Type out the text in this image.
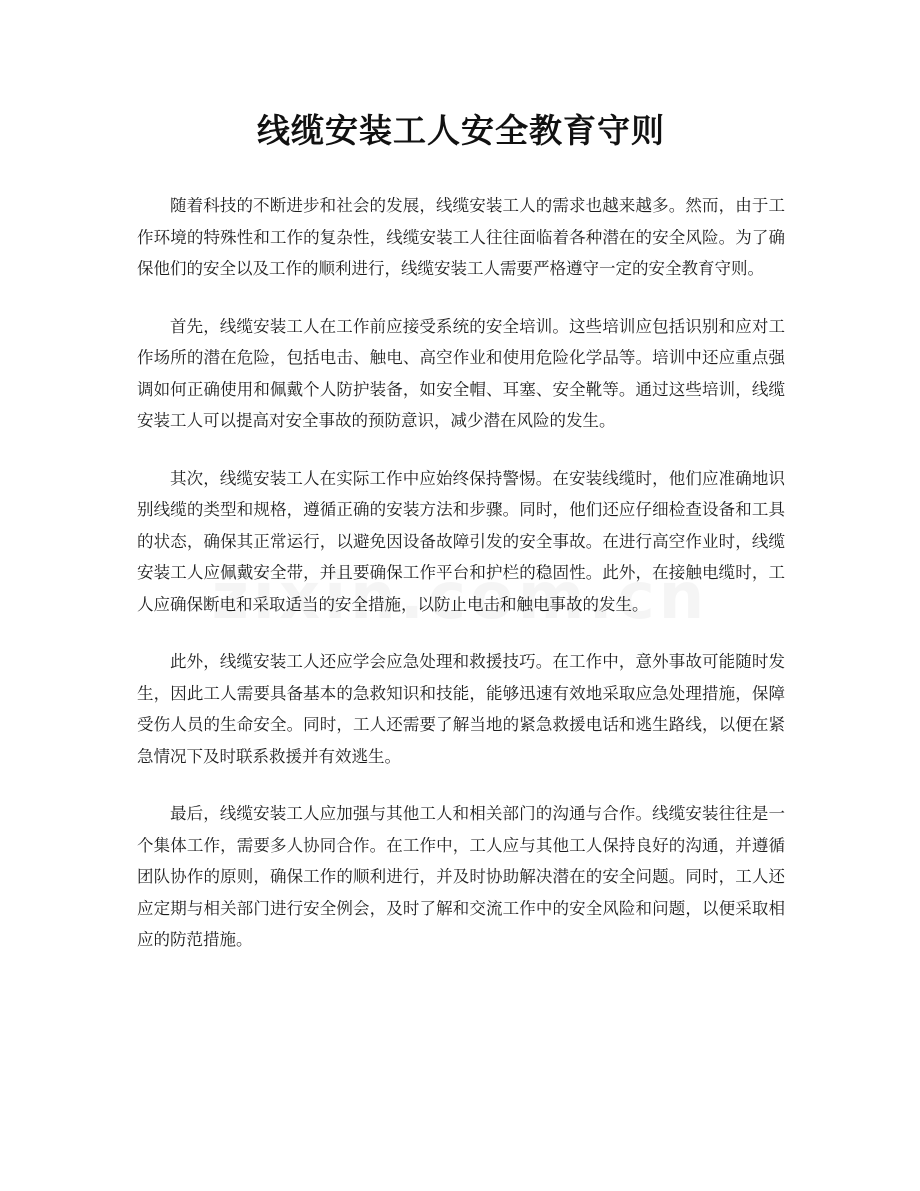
线缆安装工人安全教育守则

随着科技的不断进步和社会的发展，线缆安装工人的需求也越来越多。然而，由于工作环境的特殊性和工作的复杂性，线缆安装工人往往面临着各种潜在的安全风险。为了确保他们的安全以及工作的顺利进行，线缆安装工人需要严格遵守一定的安全教育守则。

首先，线缆安装工人在工作前应接受系统的安全培训。这些培训应包括识别和应对工作场所的潜在危险，包括电击、触电、高空作业和使用危险化学品等。培训中还应重点强调如何正确使用和佩戴个人防护装备，如安全帽、耳塞、安全靴等。通过这些培训，线缆安装工人可以提高对安全事故的预防意识，减少潜在风险的发生。

其次，线缆安装工人在实际工作中应始终保持警惕。在安装线缆时，他们应准确地识别线缆的类型和规格，遵循正确的安装方法和步骤。同时，他们还应仔细检查设备和工具的状态，确保其正常运行，以避免因设备故障引发的安全事故。在进行高空作业时，线缆安装工人应佩戴安全带，并且要确保工作平台和护栏的稳固性。此外，在接触电缆时，工人应确保断电和采取适当的安全措施，以防止电击和触电事故的发生。

此外，线缆安装工人还应学会应急处理和救援技巧。在工作中，意外事故可能随时发生，因此工人需要具备基本的急救知识和技能，能够迅速有效地采取应急处理措施，保障受伤人员的生命安全。同时，工人还需要了解当地的紧急救援电话和逃生路线，以便在紧急情况下及时联系救援并有效逃生。

最后，线缆安装工人应加强与其他工人和相关部门的沟通与合作。线缆安装往往是一个集体工作，需要多人协同合作。在工作中，工人应与其他工人保持良好的沟通，并遵循团队协作的原则，确保工作的顺利进行，并及时协助解决潜在的安全问题。同时，工人还应定期与相关部门进行安全例会，及时了解和交流工作中的安全风险和问题，以便采取相应的防范措施。
